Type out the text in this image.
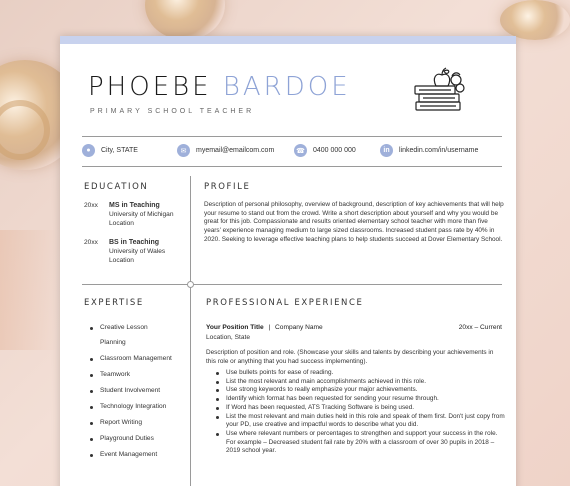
PHOEBE BARDOE
PRIMARY SCHOOL TEACHER
●	City, STATE	✉	myemail@emailcom.com	☎	0400 000 000	in	linkedin.com/in/username
EDUCATION
20xx MS in Teaching
University of Michigan
Location
20xx BS in Teaching
University of Wales
Location
PROFILE
Description of personal philosophy, overview of background, description of key achievements that will help your resume to stand out from the crowd. Write a short description about yourself and why you would be great for this job. Compassionate and results oriented elementary school teacher with more than five years' experience managing medium to large sized classrooms. Increased student pass rate by 40% in 2020. Seeking to leverage effective teaching plans to help students succeed at Dover Elementary School.
EXPERTISE
Creative Lesson
Planning
Classroom Management
Teamwork
Student Involvement
Technology Integration
Report Writing
Playground Duties
Event Management
PROFESSIONAL EXPERIENCE
Your Position Title | Company Name	20xx – Current
Location, State
Description of position and role. (Showcase your skills and talents by describing your achievements in this role or anything that you had success implementing).
Use bullets points for ease of reading.
List the most relevant and main accomplishments achieved in this role.
Use strong keywords to really emphasize your major achievements.
Identify which format has been requested for sending your resume through.
If Word has been requested, ATS Tracking Software is being used.
List the most relevant and main duties held in this role and speak of them first. Don't just copy from your PD, use creative and impactful words to describe what you did.
Use where relevant numbers or percentages to strengthen and support your success in the role. For example – Decreased student fail rate by 20% with a classroom of over 30 pupils in 2018 – 2019 school year.
